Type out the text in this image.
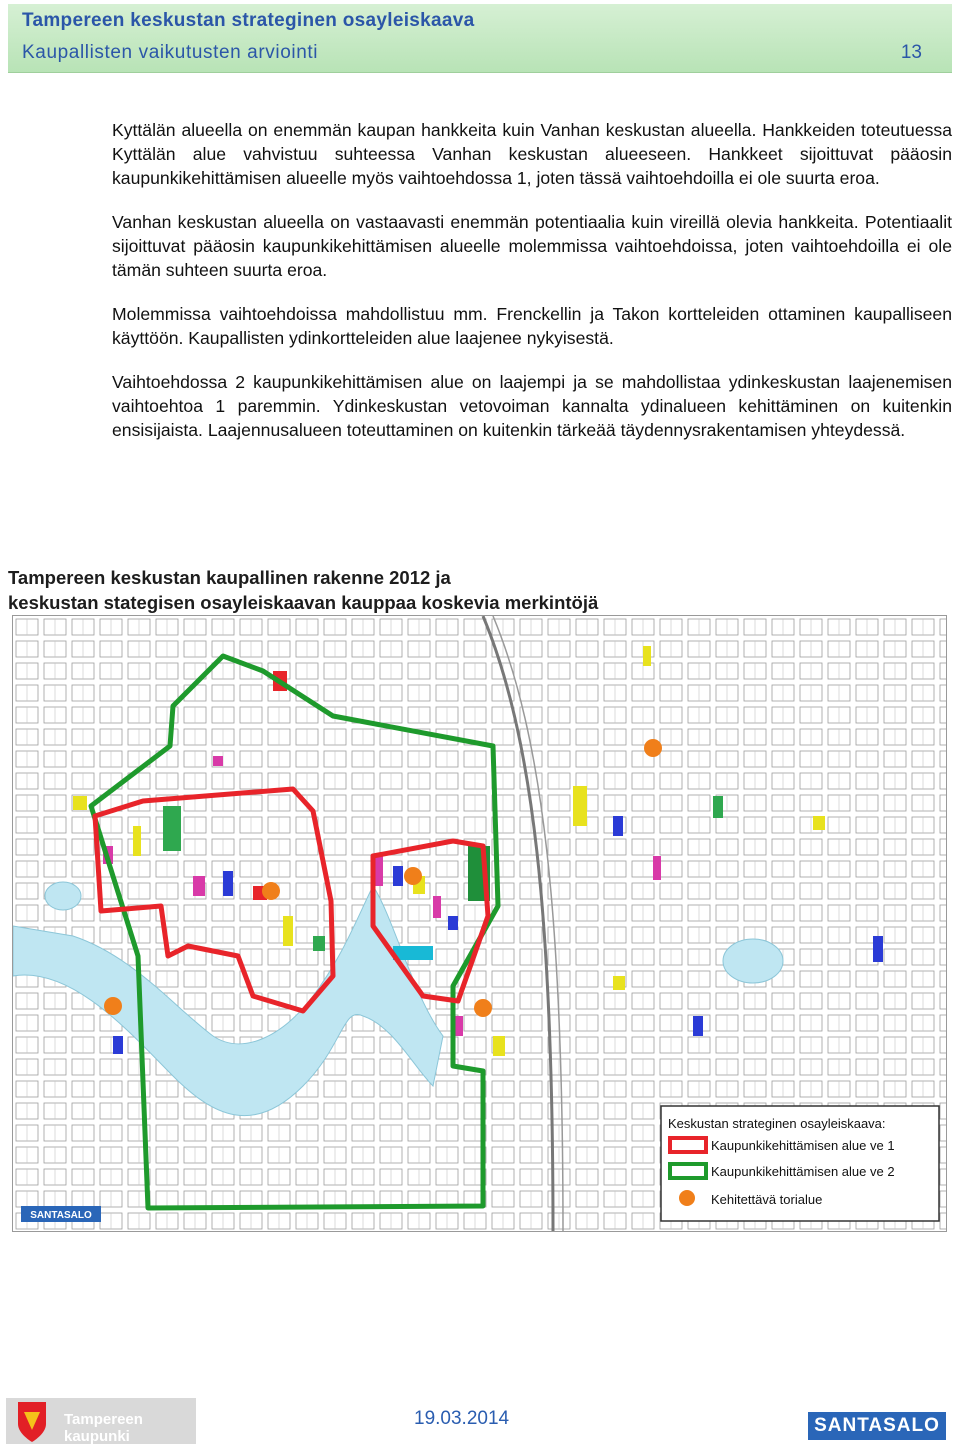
Tampereen keskustan strateginen osayleiskaava
Kaupallisten vaikutusten arviointi	13

Kyttälän alueella on enemmän kaupan hankkeita kuin Vanhan keskustan alueella. Hankkeiden toteutuessa Kyttälän alue vahvistuu suhteessa Vanhan keskustan alueeseen. Hankkeet sijoittuvat pääosin kaupunkikehittämisen alueelle myös vaihtoehdossa 1, joten tässä vaihtoehdoilla ei ole suurta eroa.

Vanhan keskustan alueella on vastaavasti enemmän potentiaalia kuin vireillä olevia hankkeita. Potentiaalit sijoittuvat pääosin kaupunkikehittämisen alueelle molemmissa vaihtoehdoissa, joten vaihtoehdoilla ei ole tämän suhteen suurta eroa.

Molemmissa vaihtoehdoissa mahdollistuu mm. Frenckellin ja Takon kortteleiden ottaminen kaupalliseen käyttöön. Kaupallisten ydinkortteleiden alue laajenee nykyisestä.

Vaihtoehdossa 2 kaupunkikehittämisen alue on laajempi ja se mahdollistaa ydinkeskustan laajenemisen vaihtoehtoa 1 paremmin. Ydinkeskustan vetovoiman kannalta ydinalueen kehittäminen on kuitenkin ensisijaista. Laajennusalueen toteuttaminen on kuitenkin tärkeää täydennysrakentamisen yhteydessä.

Tampereen keskustan kaupallinen rakenne 2012 ja
keskustan stategisen osayleiskaavan kauppaa koskevia merkintöjä
Keskustan strateginen osayleiskaava:
Kaupunkikehittämisen alue ve 1
Kaupunkikehittämisen alue ve 2
Kehitettävä torialue
SANTASALO
Tampereen kaupunki
19.03.2014	SANTASALO
